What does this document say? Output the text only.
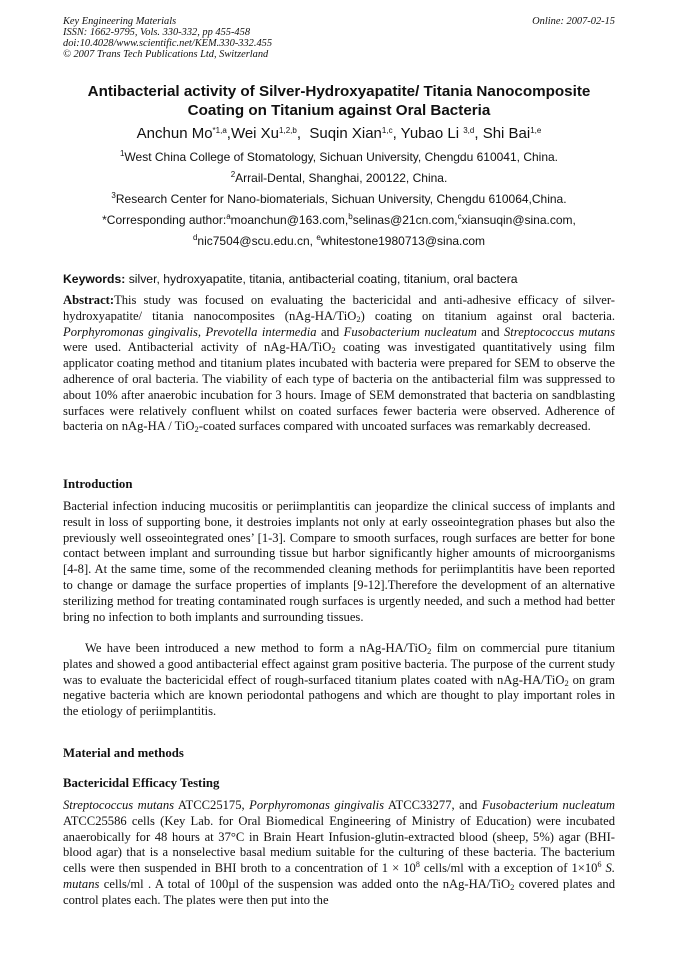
Key Engineering Materials
ISSN: 1662-9795, Vols. 330-332, pp 455-458
doi:10.4028/www.scientific.net/KEM.330-332.455
© 2007 Trans Tech Publications Ltd, Switzerland
Online: 2007-02-15
Antibacterial activity of Silver-Hydroxyapatite/ Titania Nanocomposite
Coating on Titanium against Oral Bacteria
Anchun Mo$^{*1,a}$,Wei Xu$^{1,2,b}$,  Suqin Xian$^{1,c}$, Yubao Li $^{3,d}$, Shi Bai$^{1,e}$
$^1$West China College of Stomatology, Sichuan University, Chengdu 610041, China.
$^2$Arrail-Dental, Shanghai, 200122, China.
$^3$Research Center for Nano-biomaterials, Sichuan University, Chengdu 610064,China.
*Corresponding author:$^a$moanchun@163.com,$^b$selinas@21cn.com,$^c$xiansuqin@sina.com,
$^d$nic7504@scu.edu.cn, $^e$whitestone1980713@sina.com
Keywords: silver, hydroxyapatite, titania, antibacterial coating, titanium, oral bactera
Abstract:This study was focused on evaluating the bactericidal and anti-adhesive efficacy of silver-hydroxyapatite/ titania nanocomposites (nAg-HA/TiO$_2$) coating on titanium against oral bacteria. Porphyromonas gingivalis, Prevotella intermedia and Fusobacterium nucleatum and Streptococcus mutans were used. Antibacterial activity of nAg-HA/TiO$_2$ coating was investigated quantitatively using film applicator coating method and titanium plates incubated with bacteria were prepared for SEM to observe the adherence of oral bacteria. The viability of each type of bacteria on the antibacterial film was suppressed to about 10% after anaerobic incubation for 3 hours. Image of SEM demonstrated that bacteria on sandblasting surfaces were relatively confluent whilst on coated surfaces fewer bacteria were observed. Adherence of bacteria on nAg-HA / TiO$_2$-coated surfaces compared with uncoated surfaces was remarkably decreased.
Introduction
Bacterial infection inducing mucositis or periimplantitis can jeopardize the clinical success of implants and result in loss of supporting bone, it destroies implants not only at early osseointegration phases but also the previously well osseointegrated ones’ [1-3]. Compare to smooth surfaces, rough surfaces are better for bone contact between implant and surrounding tissue but harbor significantly higher amounts of microorganisms [4-8]. At the same time, some of the recommended cleaning methods for periimplantitis have been reported to change or damage the surface properties of implants [9-12].Therefore the development of an alternative sterilizing method for treating contaminated rough surfaces is urgently needed, and such a method had better bring no infection to both implants and surrounding tissues.
We have been introduced a new method to form a nAg-HA/TiO$_2$ film on commercial pure titanium plates and showed a good antibacterial effect against gram positive bacteria. The purpose of the current study was to evaluate the bactericidal effect of rough-surfaced titanium plates coated with nAg-HA/TiO$_2$ on gram negative bacteria which are known periodontal pathogens and which are thought to play important roles in the etiology of periimplantitis.
Material and methods
Bactericidal Efficacy Testing
Streptococcus mutans ATCC25175, Porphyromonas gingivalis ATCC33277, and Fusobacterium nucleatum ATCC25586 cells (Key Lab. for Oral Biomedical Engineering of Ministry of Education) were incubated anaerobically for 48 hours at 37°C in Brain Heart Infusion-glutin-extracted blood (sheep, 5%) agar (BHI-blood agar) that is a nonselective basal medium suitable for the culturing of these bacteria. The bacterium cells were then suspended in BHI broth to a concentration of $1 \times 10^8$ cells/ml with a exception of $1\times 10^6$ S. mutans cells/ml . A total of 100µl of the suspension was added onto the nAg-HA/TiO$_2$ covered plates and control plates each. The plates were then put into the
